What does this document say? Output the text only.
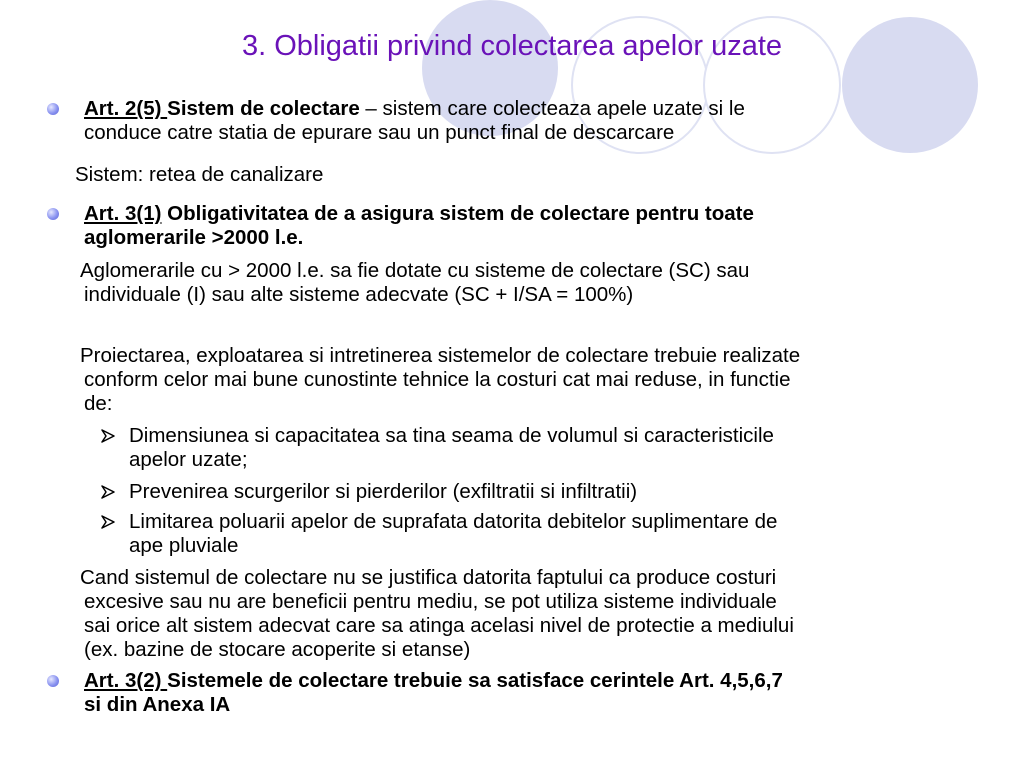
3. Obligatii privind colectarea apelor uzate
Art. 2(5) Sistem de colectare – sistem care colecteaza apele uzate si le
conduce catre statia de epurare sau un punct final de descarcare
Sistem: retea de canalizare
Art. 3(1) Obligativitatea de a asigura sistem de colectare pentru toate
aglomerarile >2000 l.e.
Aglomerarile cu > 2000 l.e. sa fie dotate cu sisteme de colectare (SC) sau
individuale (I) sau alte sisteme adecvate (SC + I/SA = 100%)
Proiectarea, exploatarea si intretinerea sistemelor de colectare trebuie realizate
conform celor mai bune cunostinte tehnice la costuri cat mai reduse, in functie
de:
Dimensiunea si capacitatea sa tina seama de volumul si caracteristicile
apelor uzate;
Prevenirea scurgerilor si pierderilor (exfiltratii si infiltratii)
Limitarea poluarii apelor de suprafata datorita debitelor suplimentare de
ape pluviale
Cand sistemul de colectare nu se justifica datorita faptului ca produce costuri
excesive sau nu are beneficii pentru mediu, se pot utiliza sisteme individuale
sai orice alt sistem adecvat care sa atinga acelasi nivel de protectie a mediului
(ex. bazine de stocare acoperite si etanse)
Art. 3(2) Sistemele de colectare trebuie sa satisface cerintele Art. 4,5,6,7
si din Anexa IA
